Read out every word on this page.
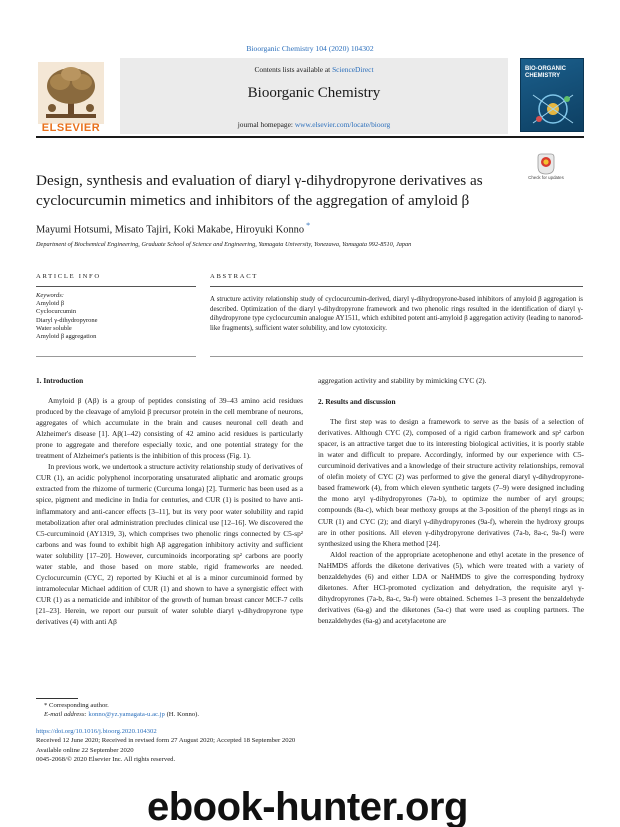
Bioorganic Chemistry 104 (2020) 104302
ELSEVIER
Contents lists available at ScienceDirect
Bioorganic Chemistry
journal homepage: www.elsevier.com/locate/bioorg
BIO-ORGANIC CHEMISTRY
Design, synthesis and evaluation of diaryl γ-dihydropyrone derivatives as cyclocurcumin mimetics and inhibitors of the aggregation of amyloid β
Check for updates
Mayumi Hotsumi, Misato Tajiri, Koki Makabe, Hiroyuki Konno *
Department of Biochemical Engineering, Graduate School of Science and Engineering, Yamagata University, Yonezawa, Yamagata 992-8510, Japan
ARTICLE INFO	ABSTRACT
Keywords:
Amyloid β
Cyclocurcumin
Diaryl γ-dihydropyrone
Water soluble
Amyloid β aggregation
A structure activity relationship study of cyclocurcumin-derived, diaryl γ-dihydropyrone-based inhibitors of amyloid β aggregation is described. Optimization of the diaryl γ-dihydropyrone framework and two phenolic rings resulted in the identification of diaryl γ-dihydropyrone type cyclocurcumin analogue AY1511, which exhibited potent anti-amyloid β aggregation activity (leading to nanorod-like fragments), sufficient water solubility, and low cytotoxicity.
1. Introduction

Amyloid β (Aβ) is a group of peptides consisting of 39–43 amino acid residues produced by the cleavage of amyloid β precursor protein in the cell membrane of neurons, aggregates of which accumulate in the brain and causes neuronal cell death and Alzheimer's disease [1]. Aβ(1–42) consisting of 42 amino acid residues is particularly prone to aggregate and therefore especially toxic, and one potential strategy for the treatment of Alzheimer's patients is the inhibition of this process (Fig. 1).

In previous work, we undertook a structure activity relationship study of derivatives of CUR (1), an acidic polyphenol incorporating unsaturated aliphatic and aromatic groups extracted from the rhizome of turmeric (Curcuma longa) [2]. Turmeric has been used as a spice, pigment and medicine in India for centuries, and CUR (1) is posited to have anti-inflammatory and anti-cancer effects [3–11], but its very poor water solubility and rapid metabolization after oral administration precludes clinical use [12–16]. We discovered the C5-curcuminoid (AY1319, 3), which comprises two phenolic rings connected by C5-sp² carbons and was found to exhibit high Aβ aggregation inhibitory activity and sufficient water solubility [17–20]. However, curcuminoids incorporating sp² carbons are poorly water stable, and those based on more stable, rigid frameworks are needed. Cyclocurcumin (CYC, 2) reported by Kiuchi et al is a minor curcuminoid formed by intramolecular Michael addition of CUR (1) and shown to have a synergistic effect with CUR (1) as a nematicide and inhibitor of the growth of human breast cancer MCF-7 cells [21–23]. Herein, we report our pursuit of water soluble diaryl γ-dihydropyrone type derivatives (4) with anti Aβ

aggregation activity and stability by mimicking CYC (2).
2. Results and discussion

The first step was to design a framework to serve as the basis of a selection of derivatives. Although CYC (2), composed of a rigid carbon framework and sp² carbon spacer, is an attractive target due to its interesting biological activities, it is poorly stable in water and difficult to prepare. Accordingly, informed by our experience with C5-curcuminoid derivatives and a knowledge of their structure activity relationships, removal of olefin moiety of CYC (2) was performed to give the general diaryl γ-dihydropyrone-based framework (4), from which eleven synthetic targets (7–9) were designed including the mono aryl γ-dihydropyrones (7a-b), to optimize the number of aryl groups; compounds (8a-c), which bear methoxy groups at the 3-position of the phenyl rings as in CUR (1) and CYC (2); and diaryl γ-dihydropyrones (9a-f), wherein the hydroxy groups are in other positions. All eleven γ-dihydropyrone derivatives (7a-b, 8a-c, 9a-f) were synthesized using the Khera method [24].

Aldol reaction of the appropriate acetophenone and ethyl acetate in the presence of NaHMDS affords the diketone derivatives (5), which were treated with a variety of benzaldehydes (6) and either LDA or NaHMDS to give the corresponding hydroxy diketones. After HCl-promoted cyclization and dehydration, the requisite aryl γ-dihydropyrones (7a-b, 8a-c, 9a-f) were obtained. Schemes 1–3 present the benzaldehyde derivatives (6a-g) and the diketones (5a-c) that were used as coupling partners. The benzaldehydes (6a-g) and acetylacetone are

* Corresponding author.
E-mail address: konno@yz.yamagata-u.ac.jp (H. Konno).
https://doi.org/10.1016/j.bioorg.2020.104302
Received 12 June 2020; Received in revised form 27 August 2020; Accepted 18 September 2020
Available online 22 September 2020
0045-2068/© 2020 Elsevier Inc. All rights reserved.
ebook-hunter.org
